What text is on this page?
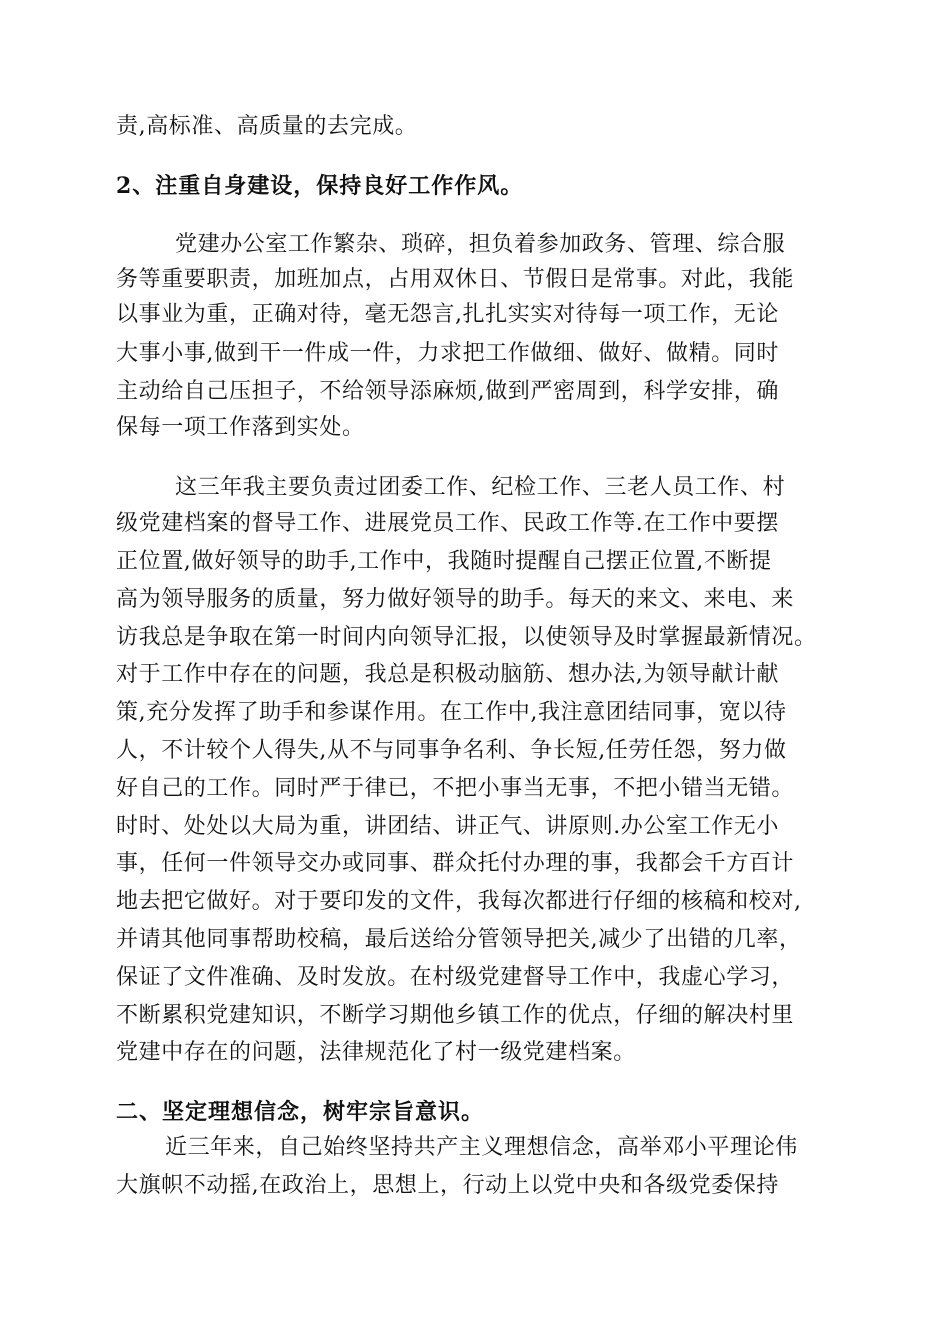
责,高标准、高质量的去完成。
2、注重自身建设，保持良好工作作风。
党建办公室工作繁杂、琐碎，担负着参加政务、管理、综合服
务等重要职责，加班加点，占用双休日、节假日是常事。对此，我能
以事业为重，正确对待，毫无怨言,扎扎实实对待每一项工作，无论
大事小事,做到干一件成一件，力求把工作做细、做好、做精。同时
主动给自己压担子，不给领导添麻烦,做到严密周到，科学安排，确
保每一项工作落到实处。
这三年我主要负责过团委工作、纪检工作、三老人员工作、村
级党建档案的督导工作、进展党员工作、民政工作等.在工作中要摆
正位置,做好领导的助手,工作中，我随时提醒自己摆正位置,不断提
高为领导服务的质量，努力做好领导的助手。每天的来文、来电、来
访我总是争取在第一时间内向领导汇报，以使领导及时掌握最新情况。
对于工作中存在的问题，我总是积极动脑筋、想办法,为领导献计献
策,充分发挥了助手和参谋作用。在工作中,我注意团结同事，宽以待
人，不计较个人得失,从不与同事争名利、争长短,任劳任怨，努力做
好自己的工作。同时严于律已，不把小事当无事，不把小错当无错。
时时、处处以大局为重，讲团结、讲正气、讲原则.办公室工作无小
事，任何一件领导交办或同事、群众托付办理的事，我都会千方百计
地去把它做好。对于要印发的文件，我每次都进行仔细的核稿和校对,
并请其他同事帮助校稿，最后送给分管领导把关,减少了出错的几率，
保证了文件准确、及时发放。在村级党建督导工作中，我虚心学习，
不断累积党建知识，不断学习期他乡镇工作的优点，仔细的解决村里
党建中存在的问题，法律规范化了村一级党建档案。
二、坚定理想信念，树牢宗旨意识。
近三年来，自己始终坚持共产主义理想信念，高举邓小平理论伟
大旗帜不动摇,在政治上，思想上，行动上以党中央和各级党委保持
